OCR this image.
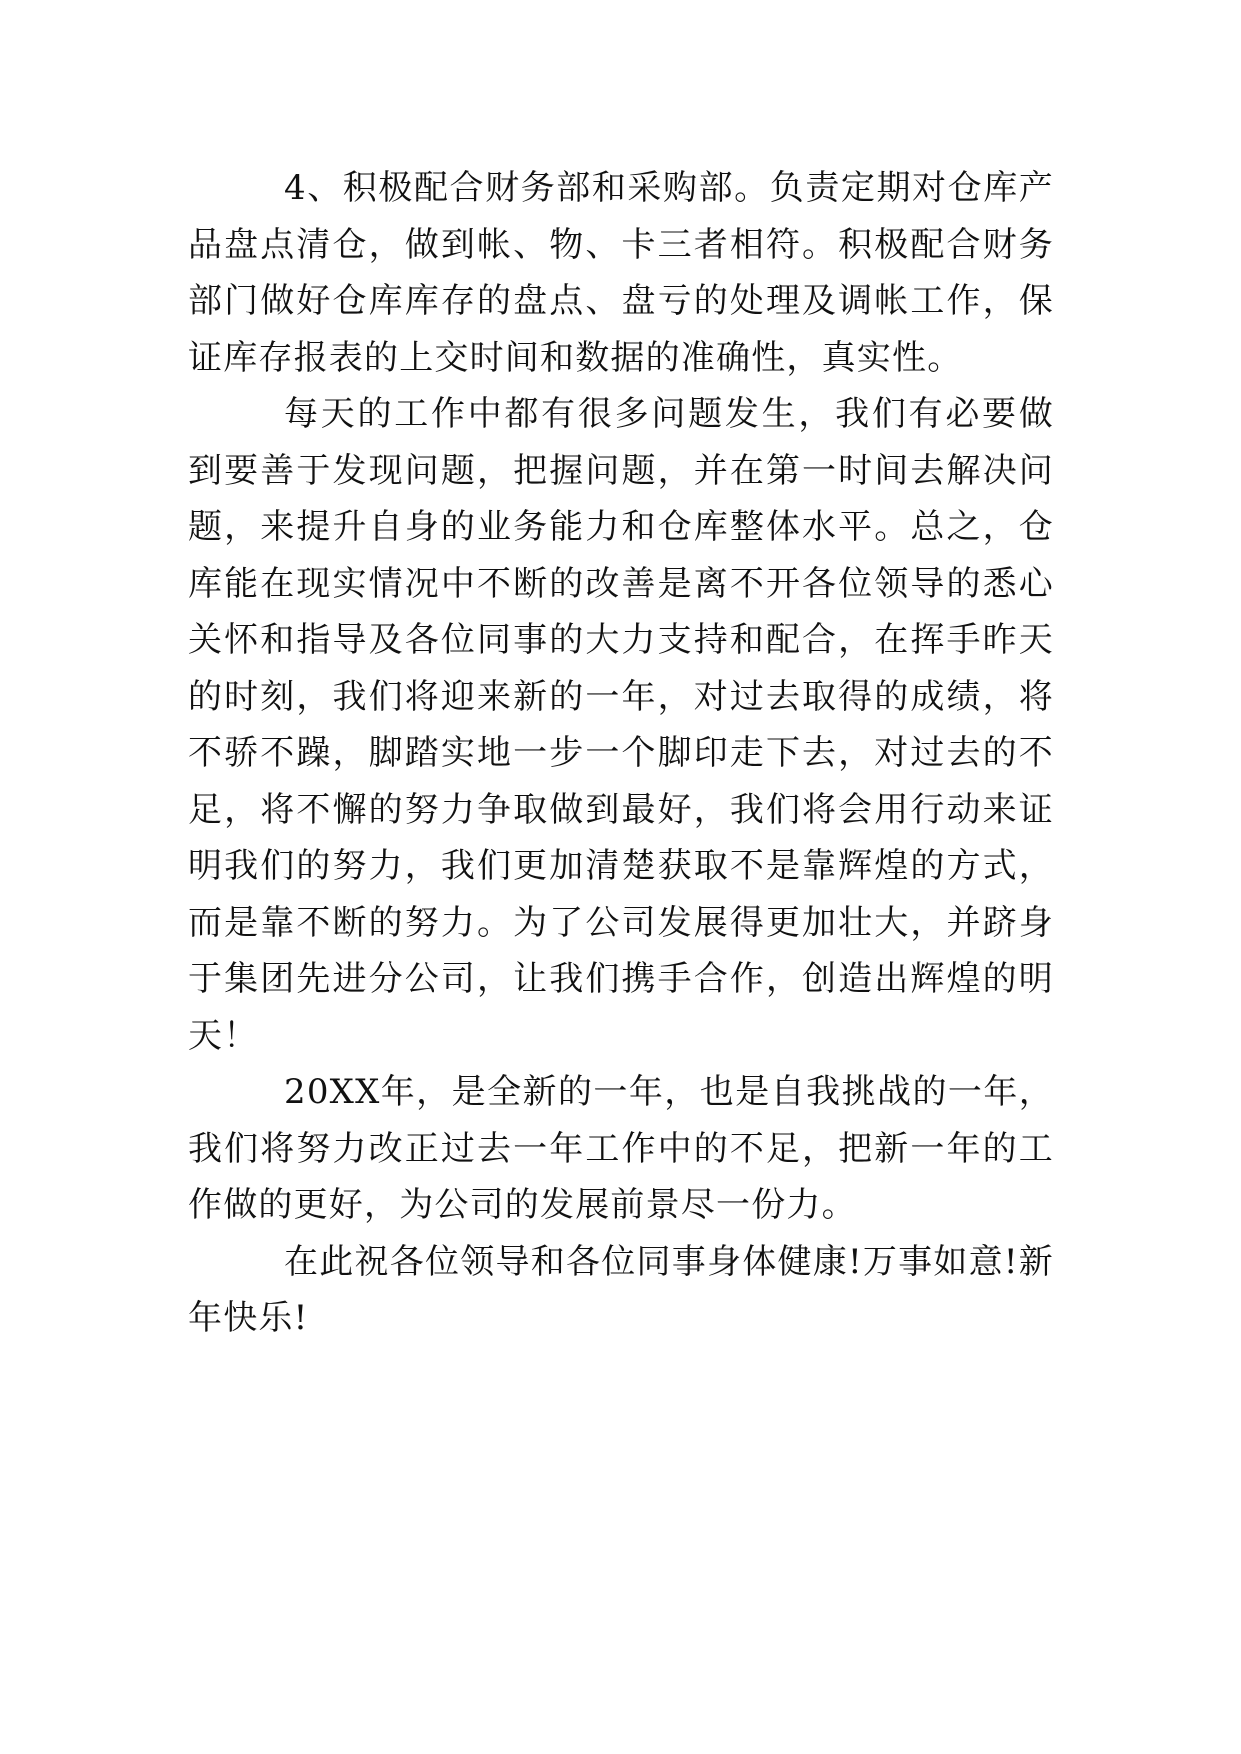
4、积极配合财务部和采购部。负责定期对仓库产品盘点清仓，做到帐、物、卡三者相符。积极配合财务部门做好仓库库存的盘点、盘亏的处理及调帐工作，保证库存报表的上交时间和数据的准确性，真实性。

每天的工作中都有很多问题发生，我们有必要做到要善于发现问题，把握问题，并在第一时间去解决问题，来提升自身的业务能力和仓库整体水平。总之，仓库能在现实情况中不断的改善是离不开各位领导的悉心关怀和指导及各位同事的大力支持和配合，在挥手昨天的时刻，我们将迎来新的一年，对过去取得的成绩，将不骄不躁，脚踏实地一步一个脚印走下去，对过去的不足，将不懈的努力争取做到最好，我们将会用行动来证明我们的努力，我们更加清楚获取不是靠辉煌的方式，而是靠不断的努力。为了公司发展得更加壮大，并跻身于集团先进分公司，让我们携手合作，创造出辉煌的明天！

20XX年，是全新的一年，也是自我挑战的一年，我们将努力改正过去一年工作中的不足，把新一年的工作做的更好，为公司的发展前景尽一份力。

在此祝各位领导和各位同事身体健康!万事如意!新年快乐!
